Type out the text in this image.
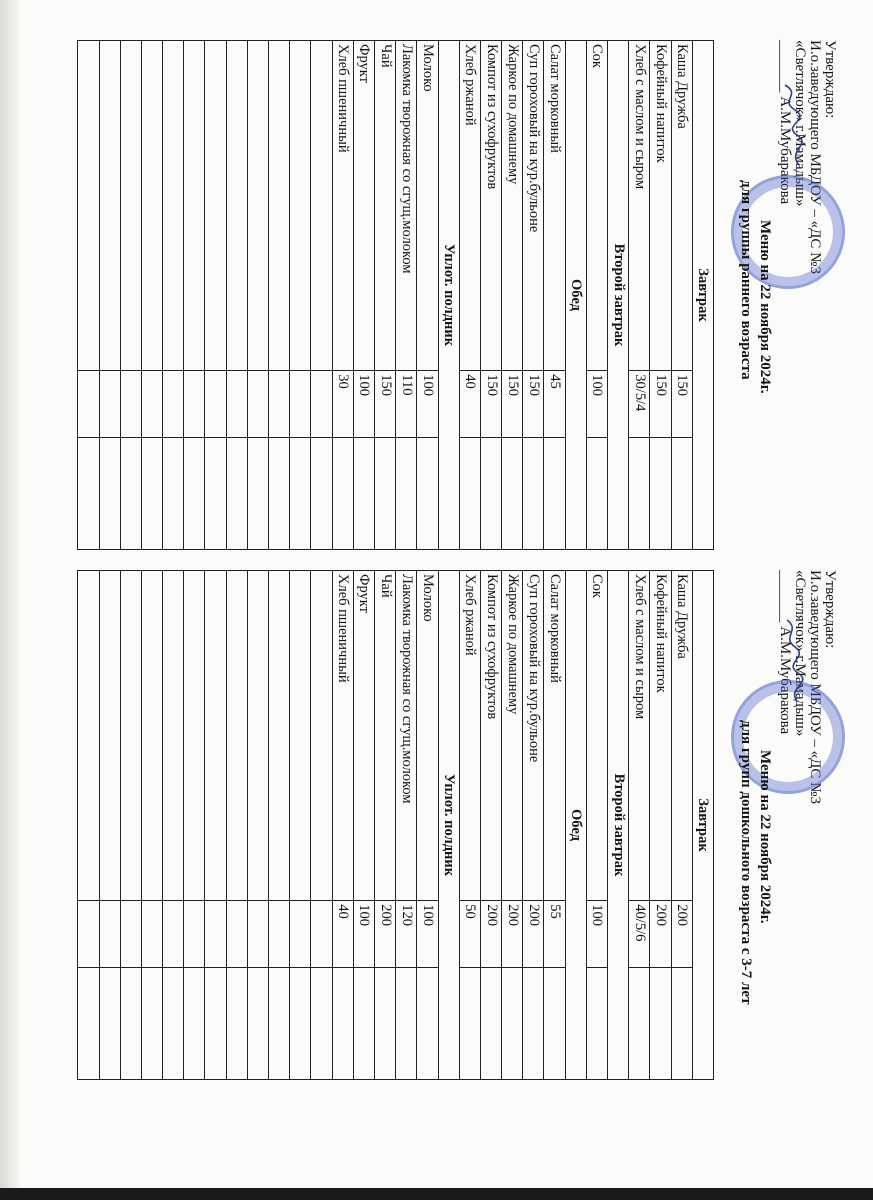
Утверждаю:
И.о.заведующего МБДОУ – «ДС №3
«Светлячок» г.Мамадыш»
_______ А.М.Мубаракова

Меню на 22 ноября 2024г.
для группы раннего возраста
Завтрак		
Каша Дружба	150	
Кофейный напиток	150	
Хлеб с маслом и сыром	30/5/4	
Второй завтрак		
Сок	100	
Обед		
Салат морковный	45	
Суп гороховый на кур.бульоне	150	
Жаркое по домашнему	150	
Компот из сухофруктов	150	
Хлеб ржаной	40	
Уплот. полдник		
Молоко	100	
Лакомка творожная со сгущ.молоком	110	
Чай	150	
Фрукт	100	
Хлеб пшеничный	30	

Утверждаю:
И.о.заведующего МБДОУ – «ДС №3
«Светлячок» г.Мамадыш»
_______ А.М.Мубаракова

Меню на 22 ноября 2024г.
для групп дошкольного возраста с 3-7 лет
Завтрак		
Каша Дружба	200	
Кофейный напиток	200	
Хлеб с маслом и сыром	40/5/6	
Второй завтрак		
Сок	100	
Обед		
Салат морковный	55	
Суп гороховый на кур.бульоне	200	
Жаркое по домашнему	200	
Компот из сухофруктов	200	
Хлеб ржаной	50	
Уплот. полдник		
Молоко	100	
Лакомка творожная со сгущ.молоком	120	
Чай	200	
Фрукт	100	
Хлеб пшеничный	40	
